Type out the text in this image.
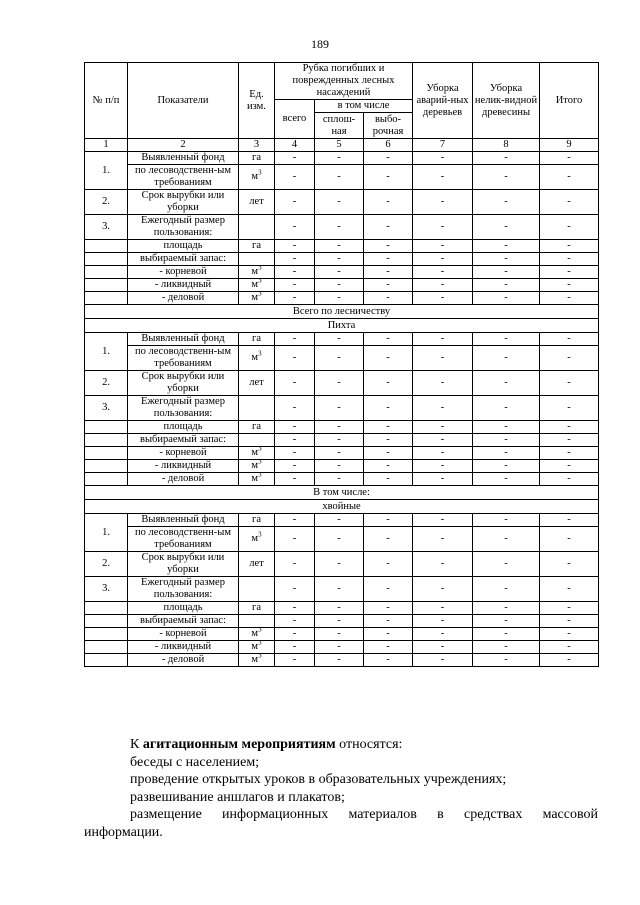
189
№ п/п	Показатели	Ед. изм.	Рубка погибших и поврежденных лесных насаждений			Уборка аварий-ных деревьев	Уборка нелик-видной древесины	Итого
			всего	в том числе				
				сплош-ная	выбо-рочная			
1	2	3	4	5	6	7	8	9
1.	Выявленный фонд	га	-	-	-	-	-	-
	по лесоводственн-ым требованиям	$м^3$	-	-	-	-	-	-
2.	Срок вырубки или уборки	лет	-	-	-	-	-	-
3.	Ежегодный размер пользования:		-	-	-	-	-	-
	площадь	га	-	-	-	-	-	-
	выбираемый запас:		-	-	-	-	-	-
	- корневой	$м^3$	-	-	-	-	-	-
	- ликвидный	$м^3$	-	-	-	-	-	-
	- деловой	$м^3$	-	-	-	-	-	-
Всего по лесничеству								
Пихта								
1.	Выявленный фонд	га	-	-	-	-	-	-
	по лесоводственн-ым требованиям	$м^3$	-	-	-	-	-	-
2.	Срок вырубки или уборки	лет	-	-	-	-	-	-
3.	Ежегодный размер пользования:		-	-	-	-	-	-
	площадь	га	-	-	-	-	-	-
	выбираемый запас:		-	-	-	-	-	-
	- корневой	$м^3$	-	-	-	-	-	-
	- ликвидный	$м^3$	-	-	-	-	-	-
	- деловой	$м^3$	-	-	-	-	-	-
В том числе:								
хвойные								
1.	Выявленный фонд	га	-	-	-	-	-	-
	по лесоводственн-ым требованиям	$м^3$	-	-	-	-	-	-
2.	Срок вырубки или уборки	лет	-	-	-	-	-	-
3.	Ежегодный размер пользования:		-	-	-	-	-	-
	площадь	га	-	-	-	-	-	-
	выбираемый запас:		-	-	-	-	-	-
	- корневой	$м^3$	-	-	-	-	-	-
	- ликвидный	$м^3$	-	-	-	-	-	-
	- деловой	$м^3$	-	-	-	-	-	-

К агитационным мероприятиям относятся:

беседы с населением;

проведение открытых уроков в образовательных учреждениях;

развешивание аншлагов и плакатов;

размещение информационных материалов в средствах массовой

информации.
